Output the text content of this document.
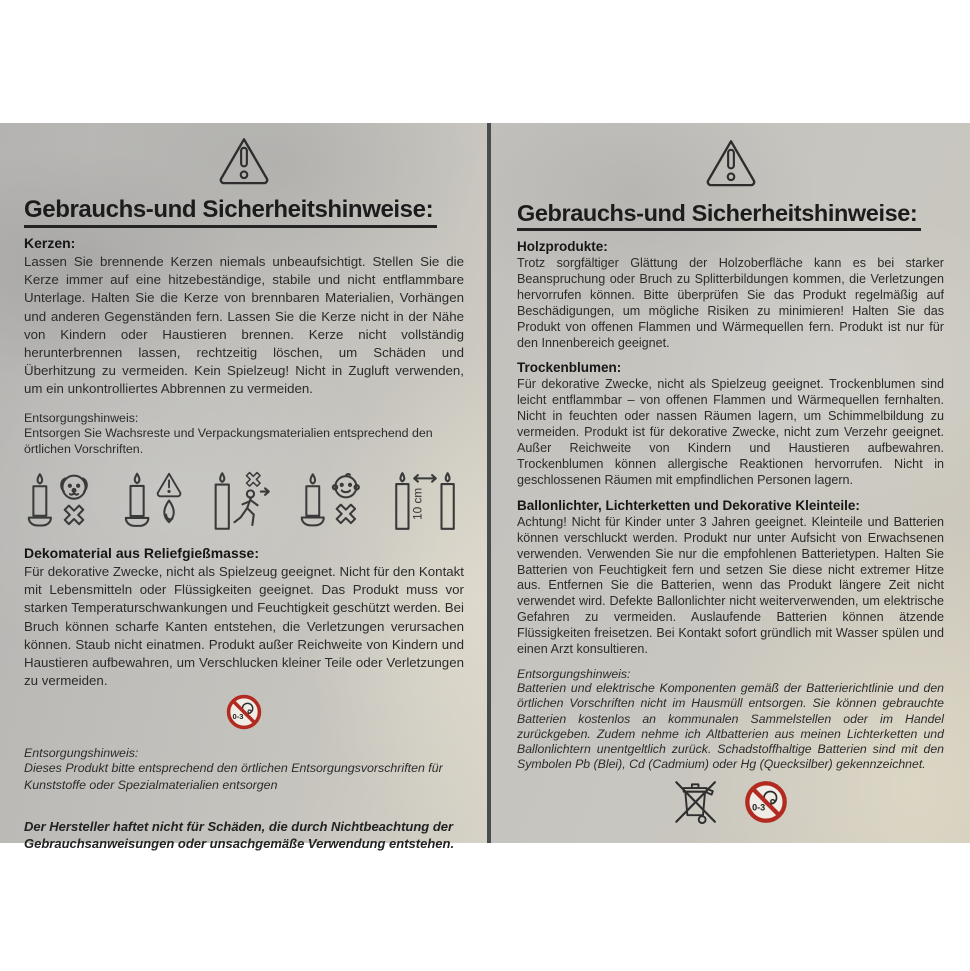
Gebrauchs-und Sicherheitshinweise:

Kerzen:

Lassen Sie brennende Kerzen niemals unbeaufsichtigt. Stellen Sie die Kerze immer auf eine hitzebeständige, stabile und nicht entflammbare Unterlage. Halten Sie die Kerze von brennbaren Materialien, Vorhängen und anderen Gegenständen fern. Lassen Sie die Kerze nicht in der Nähe von Kindern oder Haustieren brennen. Kerze nicht vollständig herunterbrennen lassen, rechtzeitig löschen, um Schäden und Überhitzung zu vermeiden. Kein Spielzeug! Nicht in Zugluft verwenden, um ein unkontrolliertes Abbrennen zu vermeiden.

Entsorgungshinweis:

Entsorgen Sie Wachsreste und Verpackungsmaterialien entsprechend den örtlichen Vorschriften.

10 cm

Dekomaterial aus Reliefgießmasse:

Für dekorative Zwecke, nicht als Spielzeug geeignet. Nicht für den Kontakt mit Lebensmitteln oder Flüssigkeiten geeignet. Das Produkt muss vor starken Temperaturschwankungen und Feuchtigkeit geschützt werden. Bei Bruch können scharfe Kanten entstehen, die Verletzungen verursachen können. Staub nicht einatmen. Produkt außer Reichweite von Kindern und Haustieren aufbewahren, um Verschlucken kleiner Teile oder Verletzungen zu vermeiden.

0-3

Entsorgungshinweis:

Dieses Produkt bitte entsprechend den örtlichen Entsorgungsvorschriften für Kunststoffe oder Spezialmaterialien entsorgen

Der Hersteller haftet nicht für Schäden, die durch Nichtbeachtung der Gebrauchsanweisungen oder unsachgemäße Verwendung entstehen.

Gebrauchs-und Sicherheitshinweise:

Holzprodukte:

Trotz sorgfältiger Glättung der Holzoberfläche kann es bei starker Beanspruchung oder Bruch zu Splitterbildungen kommen, die Verletzungen hervorrufen können. Bitte überprüfen Sie das Produkt regelmäßig auf Beschädigungen, um mögliche Risiken zu minimieren! Halten Sie das Produkt von offenen Flammen und Wärmequellen fern. Produkt ist nur für den Innenbereich geeignet.

Trockenblumen:

Für dekorative Zwecke, nicht als Spielzeug geeignet. Trockenblumen sind leicht entflammbar – von offenen Flammen und Wärmequellen fernhalten. Nicht in feuchten oder nassen Räumen lagern, um Schimmelbildung zu vermeiden. Produkt ist für dekorative Zwecke, nicht zum Verzehr geeignet. Außer Reichweite von Kindern und Haustieren aufbewahren. Trockenblumen können allergische Reaktionen hervorrufen. Nicht in geschlossenen Räumen mit empfindlichen Personen lagern.

Ballonlichter, Lichterketten und Dekorative Kleinteile:

Achtung! Nicht für Kinder unter 3 Jahren geeignet. Kleinteile und Batterien können verschluckt werden. Produkt nur unter Aufsicht von Erwachsenen verwenden. Verwenden Sie nur die empfohlenen Batterietypen. Halten Sie Batterien von Feuchtigkeit fern und setzen Sie diese nicht extremer Hitze aus. Entfernen Sie die Batterien, wenn das Produkt längere Zeit nicht verwendet wird. Defekte Ballonlichter nicht weiterverwenden, um elektrische Gefahren zu vermeiden. Auslaufende Batterien können ätzende Flüssigkeiten freisetzen. Bei Kontakt sofort gründlich mit Wasser spülen und einen Arzt konsultieren.

Entsorgungshinweis:

Batterien und elektrische Komponenten gemäß der Batterierichtlinie und den örtlichen Vorschriften nicht im Hausmüll entsorgen. Sie können gebrauchte Batterien kostenlos an kommunalen Sammelstellen oder im Handel zurückgeben. Zudem nehme ich Altbatterien aus meinen Lichterketten und Ballonlichtern unentgeltlich zurück. Schadstoffhaltige Batterien sind mit den Symbolen Pb (Blei), Cd (Cadmium) oder Hg (Quecksilber) gekennzeichnet.

0-3
